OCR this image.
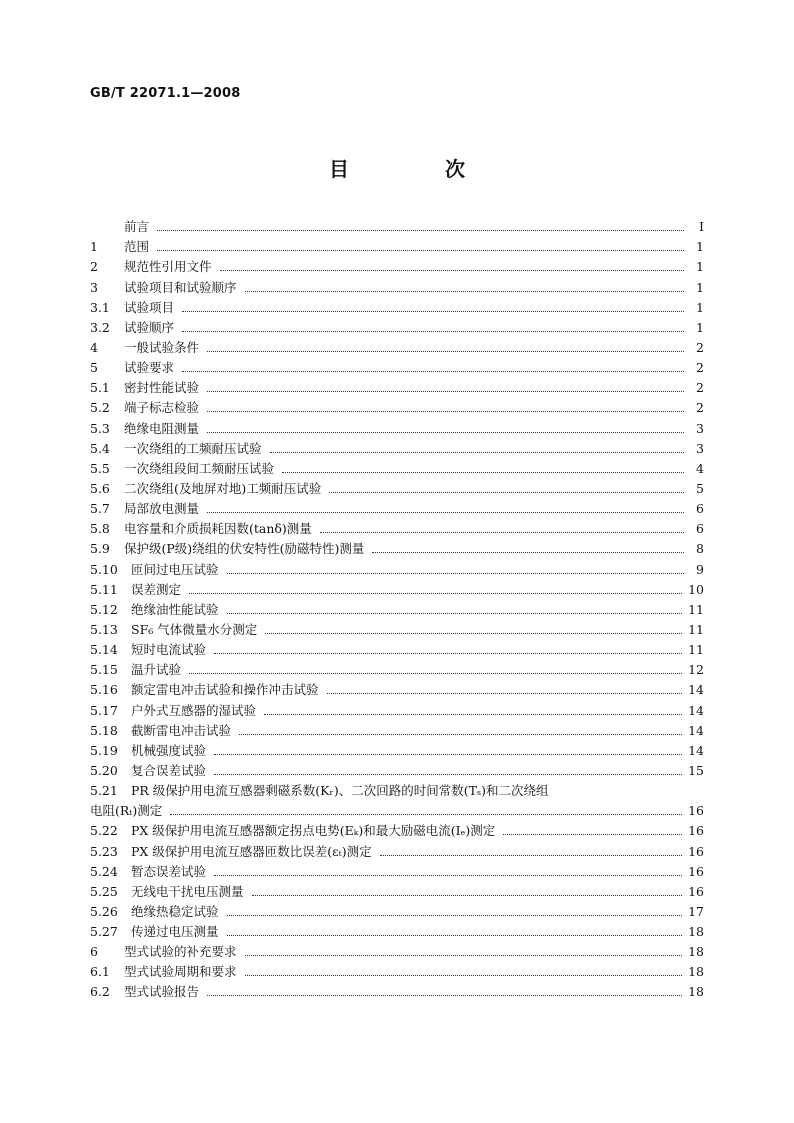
GB/T 22071.1—2008
目　次
前言	Ⅰ
1	范围	1
2	规范性引用文件	1
3	试验项目和试验顺序	1
3.1	试验项目	1
3.2	试验顺序	1
4	一般试验条件	2
5	试验要求	2
5.1	密封性能试验	2
5.2	端子标志检验	2
5.3	绝缘电阻测量	3
5.4	一次绕组的工频耐压试验	3
5.5	一次绕组段间工频耐压试验	4
5.6	二次绕组(及地屏对地)工频耐压试验	5
5.7	局部放电测量	6
5.8	电容量和介质损耗因数(tanδ)测量	6
5.9	保护级(P级)绕组的伏安特性(励磁特性)测量	8
5.10	匝间过电压试验	9
5.11	误差测定	10
5.12	绝缘油性能试验	11
5.13	SF₆ 气体微量水分测定	11
5.14	短时电流试验	11
5.15	温升试验	12
5.16	额定雷电冲击试验和操作冲击试验	14
5.17	户外式互感器的湿试验	14
5.18	截断雷电冲击试验	14
5.19	机械强度试验	14
5.20	复合误差试验	15
5.21	PR 级保护用电流互感器剩磁系数(Kᵣ)、二次回路的时间常数(Tₛ)和二次绕组
电阻(Rₜ)测定	16
5.22	PX 级保护用电流互感器额定拐点电势(Eₖ)和最大励磁电流(Iₑ)测定	16
5.23	PX 级保护用电流互感器匝数比误差(εₜ)测定	16
5.24	暂态误差试验	16
5.25	无线电干扰电压测量	16
5.26	绝缘热稳定试验	17
5.27	传递过电压测量	18
6	型式试验的补充要求	18
6.1	型式试验周期和要求	18
6.2	型式试验报告	18
